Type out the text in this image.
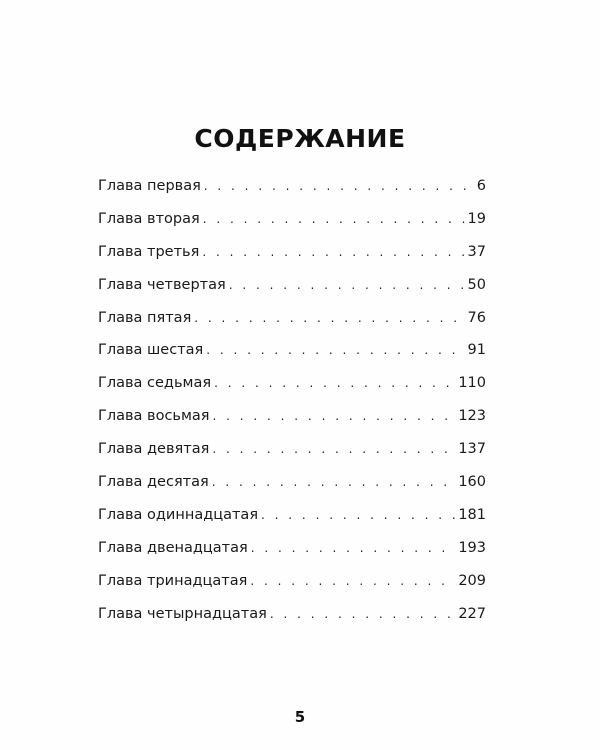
СОДЕРЖАНИЕ
Глава первая . . .	6
Глава вторая . . .	19
Глава третья . . .	37
Глава четвертая . . .	50
Глава пятая . . .	76
Глава шестая . . .	91
Глава седьмая . . .	110
Глава восьмая . . .	123
Глава девятая . . .	137
Глава десятая . . .	160
Глава одиннадцатая . . .	181
Глава двенадцатая . . .	193
Глава тринадцатая . . .	209
Глава четырнадцатая . . .	227
5
